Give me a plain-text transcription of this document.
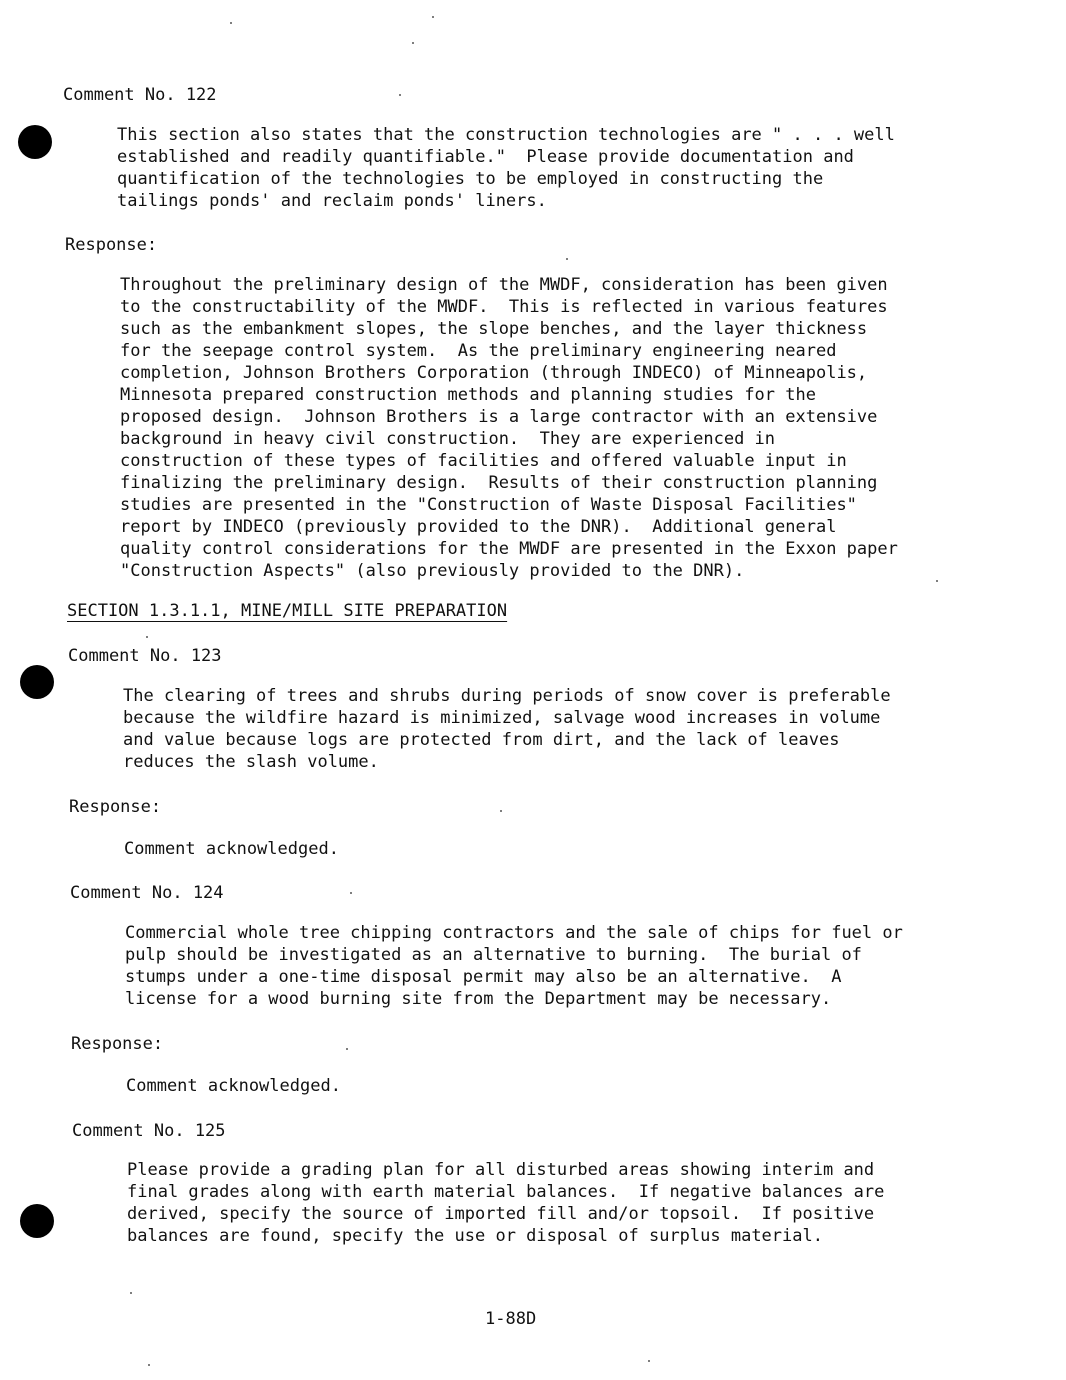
Comment No. 122
This section also states that the construction technologies are " . . . well
established and readily quantifiable."  Please provide documentation and
quantification of the technologies to be employed in constructing the
tailings ponds' and reclaim ponds' liners.
Response:
Throughout the preliminary design of the MWDF, consideration has been given
to the constructability of the MWDF.  This is reflected in various features
such as the embankment slopes, the slope benches, and the layer thickness
for the seepage control system.  As the preliminary engineering neared
completion, Johnson Brothers Corporation (through INDECO) of Minneapolis,
Minnesota prepared construction methods and planning studies for the
proposed design.  Johnson Brothers is a large contractor with an extensive
background in heavy civil construction.  They are experienced in
construction of these types of facilities and offered valuable input in
finalizing the preliminary design.  Results of their construction planning
studies are presented in the "Construction of Waste Disposal Facilities"
report by INDECO (previously provided to the DNR).  Additional general
quality control considerations for the MWDF are presented in the Exxon paper
"Construction Aspects" (also previously provided to the DNR).
SECTION 1.3.1.1, MINE/MILL SITE PREPARATION
Comment No. 123
The clearing of trees and shrubs during periods of snow cover is preferable
because the wildfire hazard is minimized, salvage wood increases in volume
and value because logs are protected from dirt, and the lack of leaves
reduces the slash volume.
Response:
Comment acknowledged.
Comment No. 124
Commercial whole tree chipping contractors and the sale of chips for fuel or
pulp should be investigated as an alternative to burning.  The burial of
stumps under a one-time disposal permit may also be an alternative.  A
license for a wood burning site from the Department may be necessary.
Response:
Comment acknowledged.
Comment No. 125
Please provide a grading plan for all disturbed areas showing interim and
final grades along with earth material balances.  If negative balances are
derived, specify the source of imported fill and/or topsoil.  If positive
balances are found, specify the use or disposal of surplus material.
1-88D
